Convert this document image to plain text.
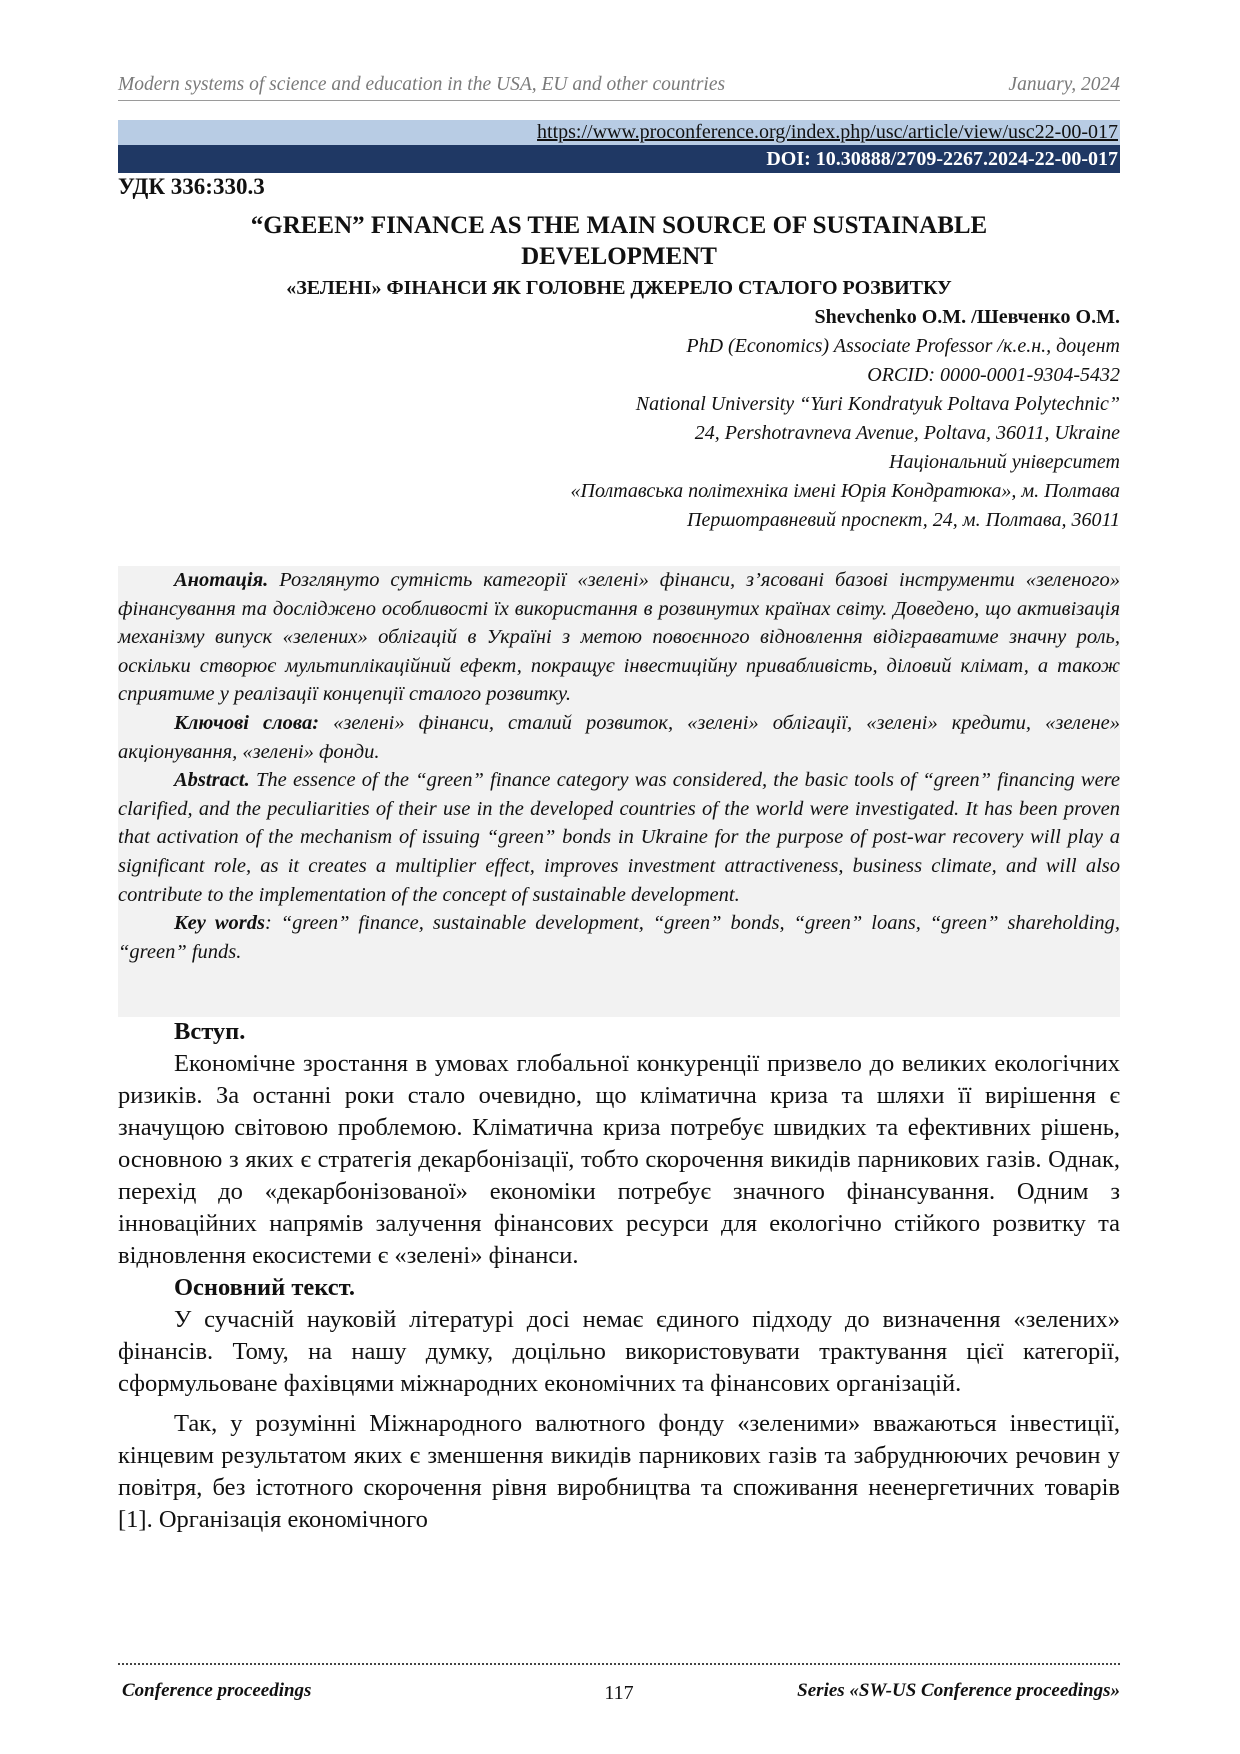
Modern systems of science and education in the USA, EU and other countries	January, 2024
https://www.proconference.org/index.php/usc/article/view/usc22-00-017
DOI: 10.30888/2709-2267.2024-22-00-017
УДК 336:330.3
“GREEN” FINANCE AS THE MAIN SOURCE OF SUSTAINABLE
DEVELOPMENT
«ЗЕЛЕНІ» ФІНАНСИ ЯК ГОЛОВНЕ ДЖЕРЕЛО СТАЛОГО РОЗВИТКУ
Shevchenko O.M. /Шевченко О.М.
PhD (Economics) Associate Professor /к.е.н., доцент
ORCID: 0000-0001-9304-5432
National University “Yuri Kondratyuk Poltava Polytechnic”
24, Pershotravneva Avenue, Poltava, 36011, Ukraine
Національний університет
«Полтавська політехніка імені Юрія Кондратюка», м. Полтава
Першотравневий проспект, 24, м. Полтава, 36011

Анотація. Розглянуто сутність категорії «зелені» фінанси, з’ясовані базові інструменти «зеленого» фінансування та досліджено особливості їх використання в розвинутих країнах світу. Доведено, що активізація механізму випуск «зелених» облігацій в Україні з метою повоєнного відновлення відіграватиме значну роль, оскільки створює мультиплікаційний ефект, покращує інвестиційну привабливість, діловий клімат, а також сприятиме у реалізації концепції сталого розвитку.

Ключові слова: «зелені» фінанси, сталий розвиток, «зелені» облігації, «зелені» кредити, «зелене» акціонування, «зелені» фонди.

Abstract. The essence of the “green” finance category was considered, the basic tools of “green” financing were clarified, and the peculiarities of their use in the developed countries of the world were investigated. It has been proven that activation of the mechanism of issuing “green” bonds in Ukraine for the purpose of post-war recovery will play a significant role, as it creates a multiplier effect, improves investment attractiveness, business climate, and will also contribute to the implementation of the concept of sustainable development.

Key words: “green” finance, sustainable development, “green” bonds, “green” loans, “green” shareholding, “green” funds.

Вступ.

Економічне зростання в умовах глобальної конкуренції призвело до великих екологічних ризиків. За останні роки стало очевидно, що кліматична криза та шляхи її вирішення є значущою світовою проблемою. Кліматична криза потребує швидких та ефективних рішень, основною з яких є стратегія декарбонізації, тобто скорочення викидів парникових газів. Однак, перехід до «декарбонізованої» економіки потребує значного фінансування. Одним з інноваційних напрямів залучення фінансових ресурси для екологічно стійкого розвитку та відновлення екосистеми є «зелені» фінанси.

Основний текст.

У сучасній науковій літературі досі немає єдиного підходу до визначення «зелених» фінансів. Тому, на нашу думку, доцільно використовувати трактування цієї категорії, сформульоване фахівцями міжнародних економічних та фінансових організацій.

Так, у розумінні Міжнародного валютного фонду «зеленими» вважаються інвестиції, кінцевим результатом яких є зменшення викидів парникових газів та забруднюючих речовин у повітря, без істотного скорочення рівня виробництва та споживання неенергетичних товарів [1]. Організація економічного

Conference proceedings	117	Series «SW-US Conference proceedings»
